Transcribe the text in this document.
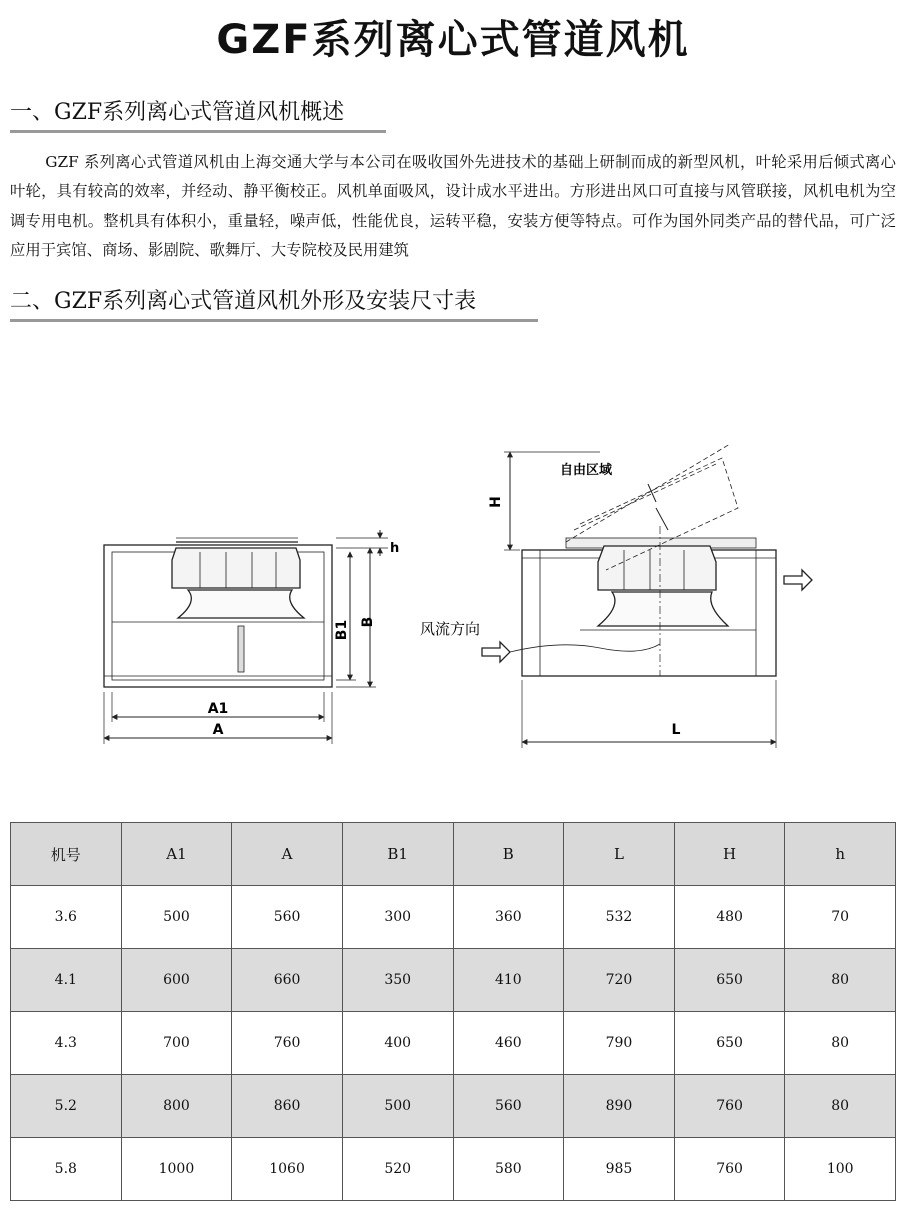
GZF系列离心式管道风机
一、GZF系列离心式管道风机概述
GZF 系列离心式管道风机由上海交通大学与本公司在吸收国外先进技术的基础上研制而成的新型风机，叶轮采用后倾式离心叶轮，具有较高的效率，并经动、静平衡校正。风机单面吸风，设计成水平进出。方形进出风口可直接与风管联接，风机电机为空调专用电机。整机具有体积小，重量轻，噪声低，性能优良，运转平稳，安装方便等特点。可作为国外同类产品的替代品，可广泛应用于宾馆、商场、影剧院、歌舞厅、大专院校及民用建筑
二、GZF系列离心式管道风机外形及安装尺寸表
h
B1 B
A1
A
自由区域
H
L
风流方向
机号	A1	A	B1	B	L	H	h
3.6	500	560	300	360	532	480	70
4.1	600	660	350	410	720	650	80
4.3	700	760	400	460	790	650	80
5.2	800	860	500	560	890	760	80
5.8	1000	1060	520	580	985	760	100
